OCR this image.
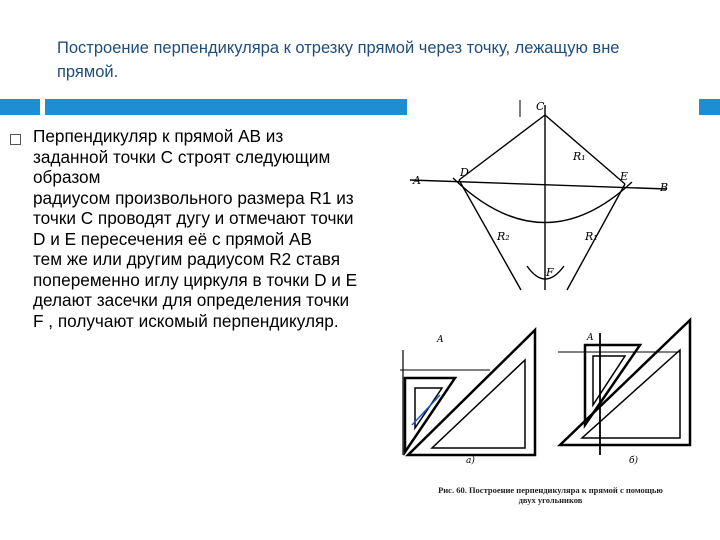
Построение перпендикуляра к отрезку прямой через точку, лежащую вне прямой.

Перпендикуляр к прямой АВ из заданной точки С строят следующим образом

радиусом произвольного размера R1 из точки С проводят дугу и отмечают точки D и Е пересечения её с прямой АВ

тем же или другим радиусом R2 ставя попеременно иглу циркуля в точки D и Е делают засечки для определения точки F , получают искомый перпендикуляр.

A
B
C
D	E
F
R₁
R₂	R₁
A	A
а)	б)
Рис. 60. Построение перпендикуляра к прямой с помощью двух угольников
